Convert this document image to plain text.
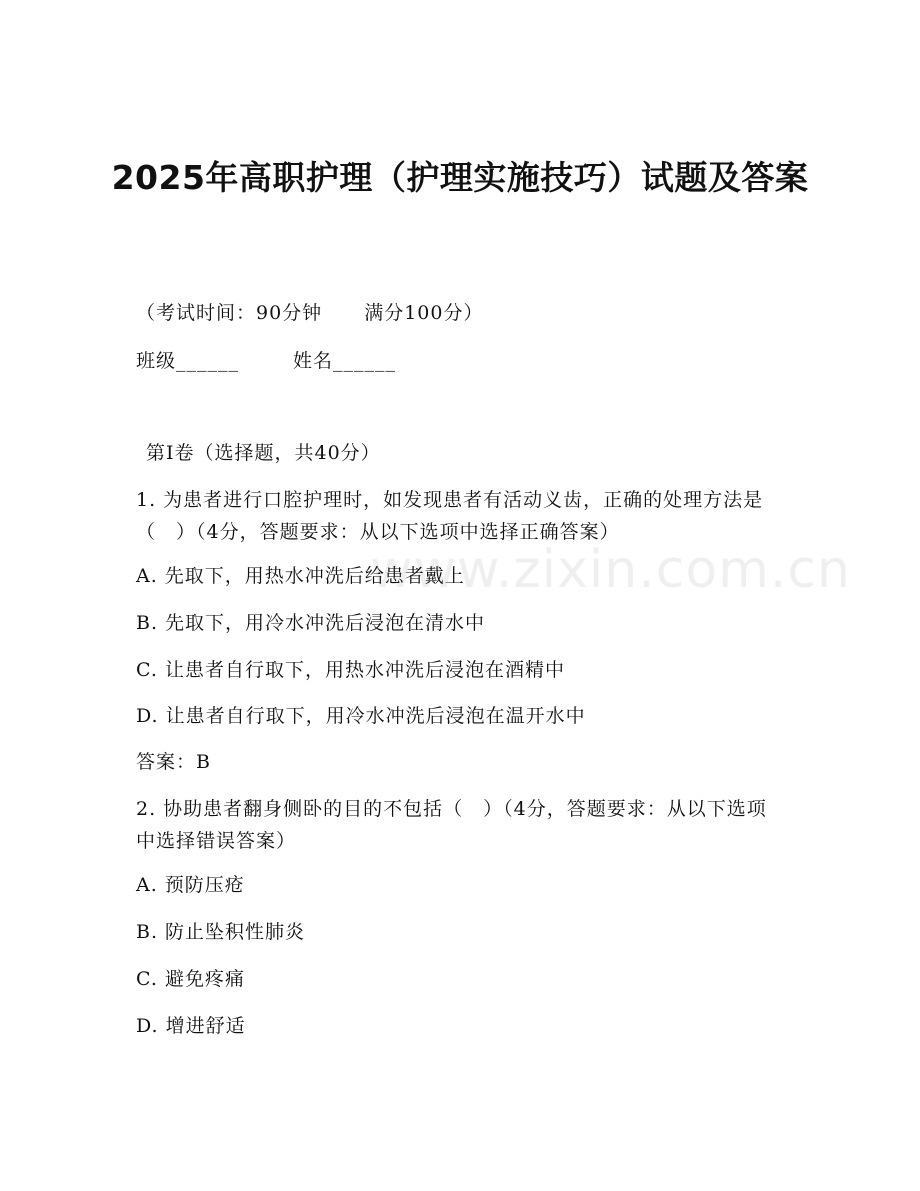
www.zixin.com.cn
2025年高职护理（护理实施技巧）试题及答案
（考试时间：90分钟 满分100分）
班级______	姓名______
第Ⅰ卷（选择题，共40分）
1. 为患者进行口腔护理时，如发现患者有活动义齿，正确的处理方法是（　）（4分，答题要求：从以下选项中选择正确答案）
A. 先取下，用热水冲洗后给患者戴上
B. 先取下，用冷水冲洗后浸泡在清水中
C. 让患者自行取下，用热水冲洗后浸泡在酒精中
D. 让患者自行取下，用冷水冲洗后浸泡在温开水中
答案：B
2. 协助患者翻身侧卧的目的不包括（　）（4分，答题要求：从以下选项中选择错误答案）
A. 预防压疮
B. 防止坠积性肺炎
C. 避免疼痛
D. 增进舒适
